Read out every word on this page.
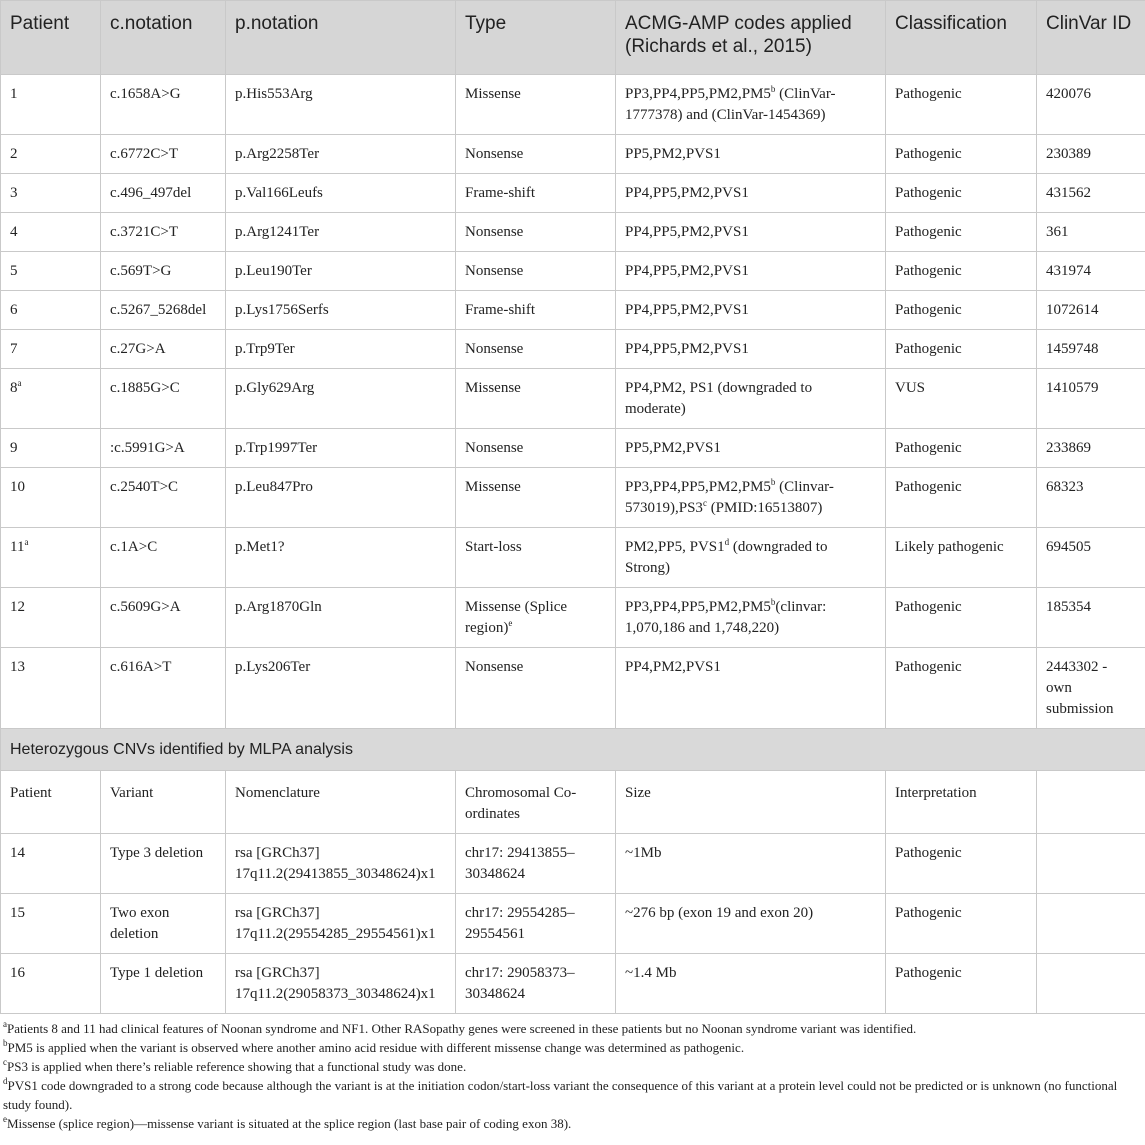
Patient	c.notation	p.notation	Type	ACMG-AMP codes applied (Richards et al., 2015)	Classification	ClinVar ID
1	c.1658A>G	p.His553Arg	Missense	PP3,PP4,PP5,PM2,PM5$^b$ (ClinVar-1777378) and (ClinVar-1454369)	Pathogenic	420076
2	c.6772C>T	p.Arg2258Ter	Nonsense	PP5,PM2,PVS1	Pathogenic	230389
3	c.496_497del	p.Val166Leufs	Frame-shift	PP4,PP5,PM2,PVS1	Pathogenic	431562
4	c.3721C>T	p.Arg1241Ter	Nonsense	PP4,PP5,PM2,PVS1	Pathogenic	361
5	c.569T>G	p.Leu190Ter	Nonsense	PP4,PP5,PM2,PVS1	Pathogenic	431974
6	c.5267_5268del	p.Lys1756Serfs	Frame-shift	PP4,PP5,PM2,PVS1	Pathogenic	1072614
7	c.27G>A	p.Trp9Ter	Nonsense	PP4,PP5,PM2,PVS1	Pathogenic	1459748
8$^a$	c.1885G>C	p.Gly629Arg	Missense	PP4,PM2, PS1 (downgraded to moderate)	VUS	1410579
9	:c.5991G>A	p.Trp1997Ter	Nonsense	PP5,PM2,PVS1	Pathogenic	233869
10	c.2540T>C	p.Leu847Pro	Missense	PP3,PP4,PP5,PM2,PM5$^b$ (Clinvar-573019),PS3$^c$ (PMID:16513807)	Pathogenic	68323
11$^a$	c.1A>C	p.Met1?	Start-loss	PM2,PP5, PVS1$^d$ (downgraded to Strong)	Likely pathogenic	694505
12	c.5609G>A	p.Arg1870Gln	Missense (Splice region)$^e$	PP3,PP4,PP5,PM2,PM5$^b$(clinvar: 1,070,186 and 1,748,220)	Pathogenic	185354
13	c.616A>T	p.Lys206Ter	Nonsense	PP4,PM2,PVS1	Pathogenic	2443302 - own submission
Heterozygous CNVs identified by MLPA analysis						
Patient	Variant	Nomenclature	Chromosomal Co-ordinates	Size	Interpretation	
14	Type 3 deletion	rsa [GRCh37] 17q11.2(29413855_30348624)x1	chr17: 29413855–30348624	~1Mb	Pathogenic	
15	Two exon deletion	rsa [GRCh37] 17q11.2(29554285_29554561)x1	chr17: 29554285–29554561	~276 bp (exon 19 and exon 20)	Pathogenic	
16	Type 1 deletion	rsa [GRCh37] 17q11.2(29058373_30348624)x1	chr17: 29058373–30348624	~1.4 Mb	Pathogenic	

$^a$Patients 8 and 11 had clinical features of Noonan syndrome and NF1. Other RASopathy genes were screened in these patients but no Noonan syndrome variant was identified.

$^b$PM5 is applied when the variant is observed where another amino acid residue with different missense change was determined as pathogenic.

$^c$PS3 is applied when there’s reliable reference showing that a functional study was done.

$^d$PVS1 code downgraded to a strong code because although the variant is at the initiation codon/start-loss variant the consequence of this variant at a protein level could not be predicted or is unknown (no functional study found).

$^e$Missense (splice region)—missense variant is situated at the splice region (last base pair of coding exon 38).
